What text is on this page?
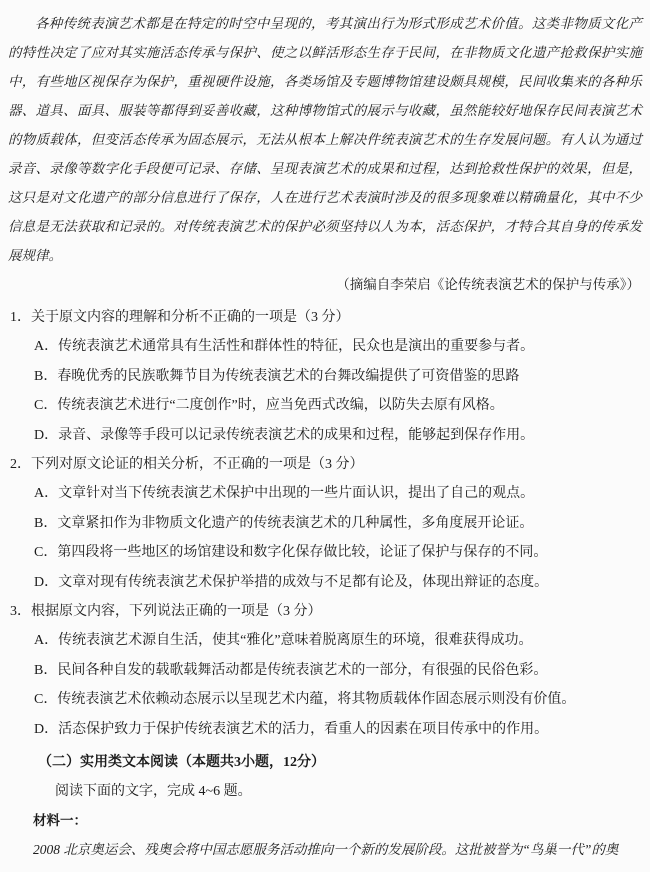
各种传统表演艺术都是在特定的时空中呈现的，考其演出行为形式形成艺术价值。这类非物质文化产的特性决定了应对其实施活态传承与保护、使之以鲜活形态生存于民间，在非物质文化遗产抢救保护实施中，有些地区视保存为保护，重视硬件设施，各类场馆及专题博物馆建设颇具规模，民间收集来的各种乐器、道具、面具、服装等都得到妥善收藏，这种博物馆式的展示与收藏，虽然能较好地保存民间表演艺术的物质载体，但变活态传承为固态展示，无法从根本上解决件统表演艺术的生存发展问题。有人认为通过录音、录像等数字化手段便可记录、存储、呈现表演艺术的成果和过程，达到抢救性保护的效果，但是，这只是对文化遗产的部分信息进行了保存，人在进行艺术表演时涉及的很多现象难以精确量化，其中不少信息是无法获取和记录的。对传统表演艺术的保护必须坚持以人为本，活态保护，才特合其自身的传承发展规律。

（摘编自李荣启《论传统表演艺术的保护与传承》）

1．关于原文内容的理解和分析不正确的一项是（3 分）

A．传统表演艺术通常具有生活性和群体性的特征，民众也是演出的重要参与者。

B．春晚优秀的民族歌舞节目为传统表演艺术的台舞改编提供了可资借鉴的思路

C．传统表演艺术进行“二度创作”时，应当免西式改编，以防失去原有风格。

D．录音、录像等手段可以记录传统表演艺术的成果和过程，能够起到保存作用。

2．下列对原文论证的相关分析，不正确的一项是（3 分）

A．文章针对当下传统表演艺术保护中出现的一些片面认识，提出了自己的观点。

B．文章紧扣作为非物质文化遗产的传统表演艺术的几种属性，多角度展开论证。

C．第四段将一些地区的场馆建设和数字化保存做比较，论证了保护与保存的不同。

D．文章对现有传统表演艺术保护举措的成效与不足都有论及，体现出辩证的态度。

3．根据原文内容，下列说法正确的一项是（3 分）

A．传统表演艺术源自生活，使其“雅化”意味着脱离原生的环境，很难获得成功。

B．民间各种自发的载歌载舞活动都是传统表演艺术的一部分，有很强的民俗色彩。

C．传统表演艺术依赖动态展示以呈现艺术内蕴，将其物质载体作固态展示则没有价值。

D．活态保护致力于保护传统表演艺术的活力，看重人的因素在项目传承中的作用。

（二）实用类文本阅读（本题共3小题，12分）

阅读下面的文字，完成 4~6 题。

材料一：

2008 北京奥运会、残奥会将中国志愿服务活动推向一个新的发展阶段。这批被誉为“鸟巢一代”的奥
